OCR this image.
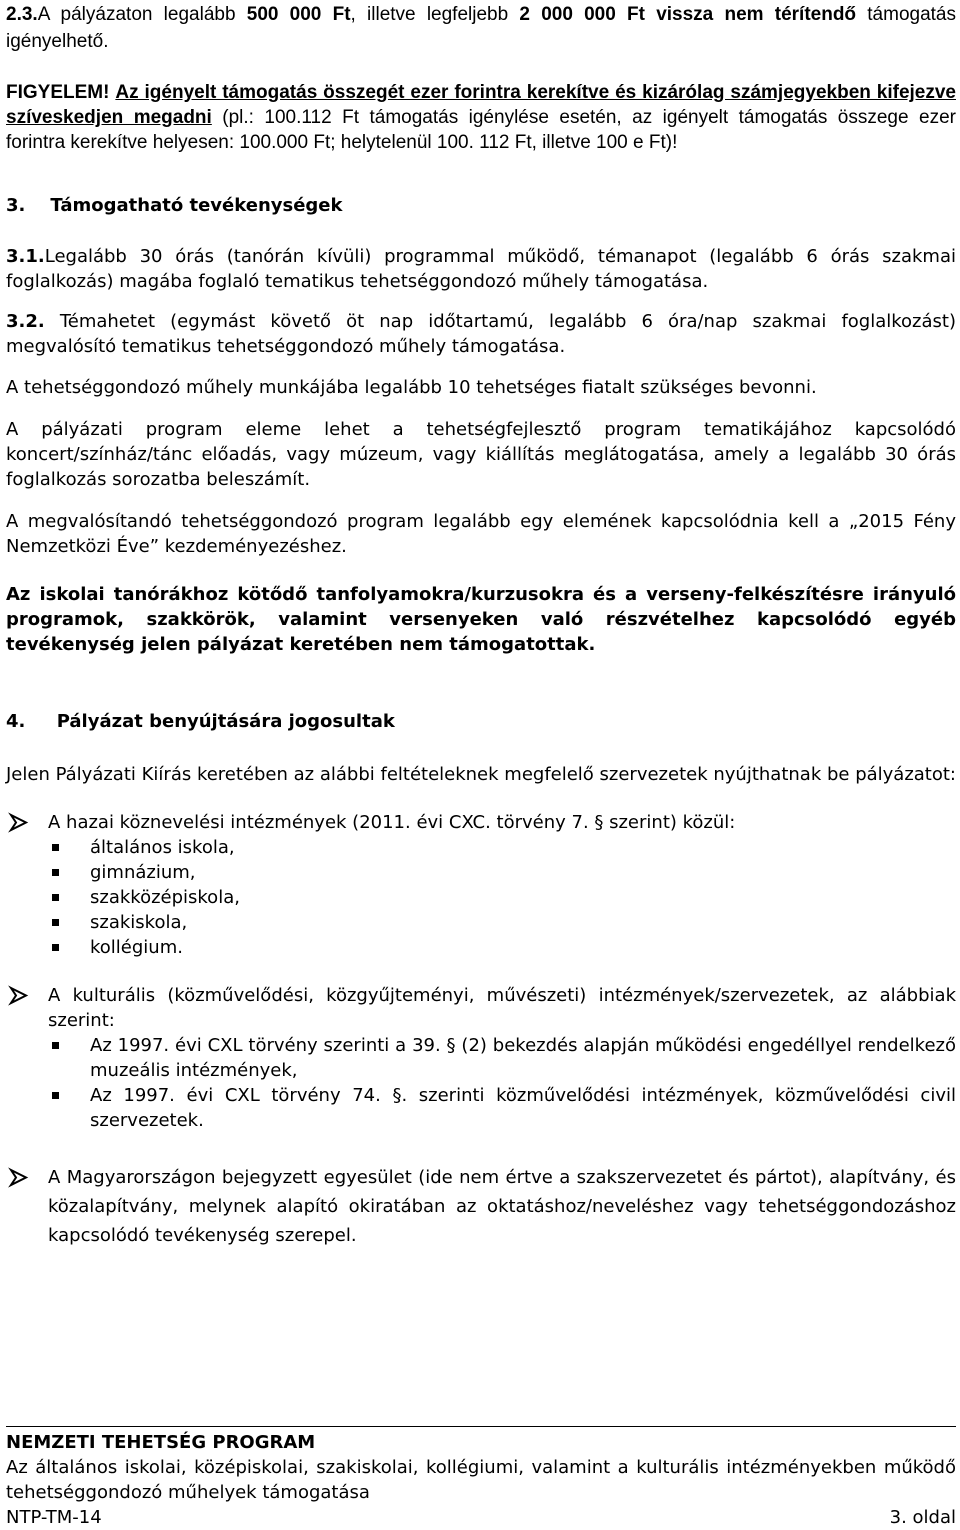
2.3.A pályázaton legalább 500 000 Ft, illetve legfeljebb 2 000 000 Ft vissza nem térítendő támogatás igényelhető.

FIGYELEM! Az igényelt támogatás összegét ezer forintra kerekítve és kizárólag számjegyekben kifejezve szíveskedjen megadni (pl.: 100.112 Ft támogatás igénylése esetén, az igényelt támogatás összege ezer forintra kerekítve helyesen: 100.000 Ft; helytelenül 100. 112 Ft, illetve 100 e Ft)!

3.    Támogatható tevékenységek

3.1.Legalább 30 órás (tanórán kívüli) programmal működő, témanapot (legalább 6 órás szakmai foglalkozás) magába foglaló tematikus tehetséggondozó műhely támogatása.

3.2. Témahetet (egymást követő öt nap időtartamú, legalább 6 óra/nap szakmai foglalkozást) megvalósító tematikus tehetséggondozó műhely támogatása.

A tehetséggondozó műhely munkájába legalább 10 tehetséges fiatalt szükséges bevonni.

A pályázati program eleme lehet a tehetségfejlesztő program tematikájához kapcsolódó koncert/színház/tánc előadás, vagy múzeum, vagy kiállítás meglátogatása, amely a legalább 30 órás foglalkozás sorozatba beleszámít.

A megvalósítandó tehetséggondozó program legalább egy elemének kapcsolódnia kell a „2015 Fény Nemzetközi Éve” kezdeményezéshez.

Az iskolai tanórákhoz kötődő tanfolyamokra/kurzusokra és a verseny-felkészítésre irányuló programok, szakkörök, valamint versenyeken való részvételhez kapcsolódó egyéb tevékenység jelen pályázat keretében nem támogatottak.

4.     Pályázat benyújtására jogosultak

Jelen Pályázati Kiírás keretében az alábbi feltételeknek megfelelő szervezetek nyújthatnak be pályázatot:

A hazai köznevelési intézmények (2011. évi CXC. törvény 7. § szerint) közül:
általános iskola,
gimnázium,
szakközépiskola,
szakiskola,
kollégium.
A kulturális (közművelődési, közgyűjteményi, művészeti) intézmények/szervezetek, az alábbiak szerint:
Az 1997. évi CXL törvény szerinti a 39. § (2) bekezdés alapján működési engedéllyel rendelkező muzeális intézmények,
Az 1997. évi CXL törvény 74. §. szerinti közművelődési intézmények, közművelődési civil szervezetek.
A Magyarországon bejegyzett egyesület (ide nem értve a szakszervezetet és pártot), alapítvány, és közalapítvány, melynek alapító okiratában az oktatáshoz/neveléshez vagy tehetséggondozáshoz kapcsolódó tevékenység szerepel.
NEMZETI TEHETSÉG PROGRAM
Az általános iskolai, középiskolai, szakiskolai, kollégiumi, valamint a kulturális intézményekben működő tehetséggondozó műhelyek támogatása
NTP-TM-14	3. oldal
